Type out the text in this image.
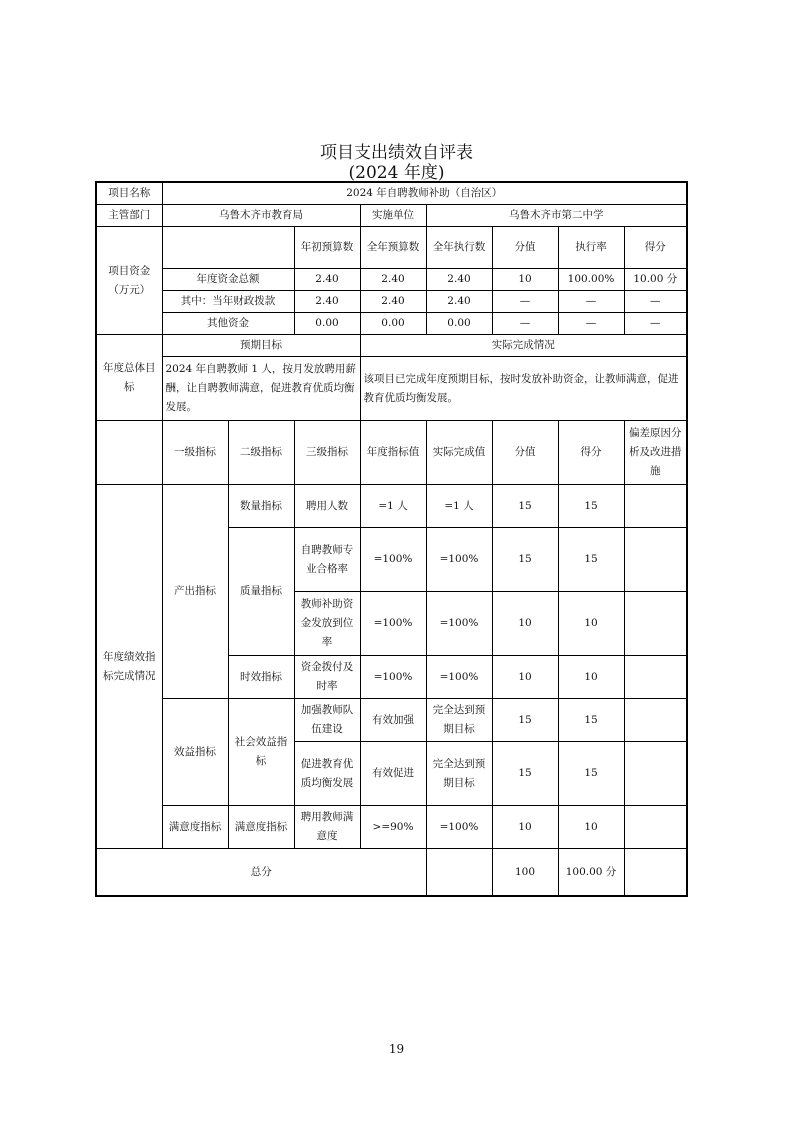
项目支出绩效自评表
(2024 年度)
项目名称	2024 年自聘教师补助（自治区）							
主管部门	乌鲁木齐市教育局			实施单位	乌鲁木齐市第二中学			
项目资金（万元）			年初预算数	全年预算数	全年执行数	分值	执行率	得分
	年度资金总额		2.40	2.40	2.40	10	100.00%	10.00 分
	其中：当年财政拨款		2.40	2.40	2.40	—	—	—
	其他资金		0.00	0.00	0.00	—	—	—
年度总体目标	预期目标			实际完成情况				
	2024 年自聘教师 1 人，按月发放聘用薪酬，让自聘教师满意，促进教育优质均衡发展。			该项目已完成年度预期目标，按时发放补助资金，让教师满意，促进教育优质均衡发展。				
	一级指标	二级指标	三级指标	年度指标值	实际完成值	分值	得分	偏差原因分析及改进措施
年度绩效指标完成情况	产出指标	数量指标	聘用人数	=1 人	=1 人	15	15	
		质量指标	自聘教师专业合格率	=100%	=100%	15	15	
			教师补助资金发放到位率	=100%	=100%	10	10	
		时效指标	资金拨付及时率	=100%	=100%	10	10	
	效益指标	社会效益指标	加强教师队伍建设	有效加强	完全达到预期目标	15	15	
			促进教育优质均衡发展	有效促进	完全达到预期目标	15	15	
	满意度指标	满意度指标	聘用教师满意度	>=90%	=100%	10	10	
总分						100	100.00 分	
19
